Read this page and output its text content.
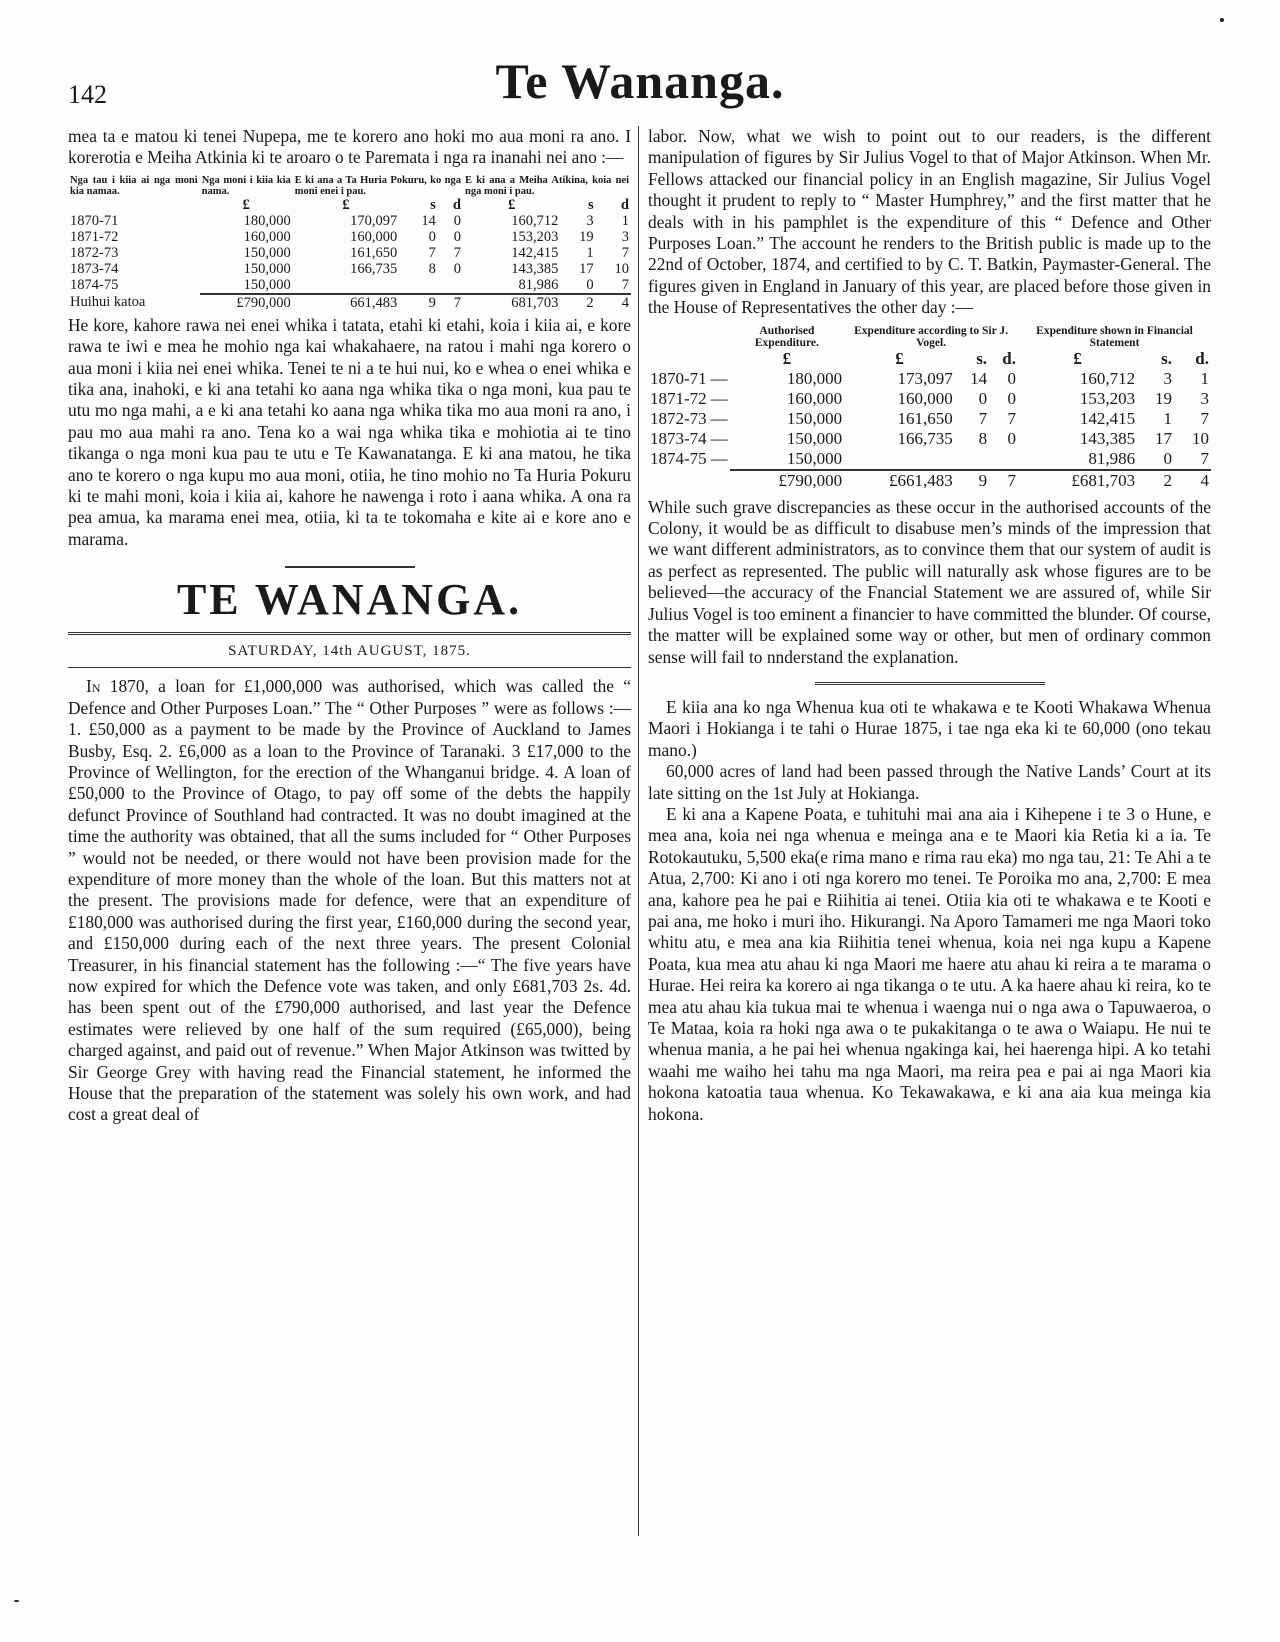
142	Te Wananga.

mea ta e matou ki tenei Nupepa, me te korero ano hoki mo aua moni ra ano. I korerotia e Meiha Atkinia ki te aroaro o te Paremata i nga ra inanahi nei ano :—

Nga tau i kiia ai nga moni kia namaa.	Nga moni i kiia kia nama.	E ki ana a Ta Huria Pokuru, ko nga moni enei i pau.			E ki ana a Meiha Atikina, koia nei nga moni i pau.		
	£	£	s	d	£	s	d
1870-71	180,000	170,097	14	0	160,712	3	1
1871-72	160,000	160,000	0	0	153,203	19	3
1872-73	150,000	161,650	7	7	142,415	1	7
1873-74	150,000	166,735	8	0	143,385	17	10
1874-75	150,000				81,986	0	7
Huihui katoa	£790,000	661,483	9	7	681,703	2	4

He kore, kahore rawa nei enei whika i tatata, etahi ki etahi, koia i kiia ai, e kore rawa te iwi e mea he mohio nga kai whakahaere, na ratou i mahi nga korero o aua moni i kiia nei enei whika. Tenei te ni a te hui nui, ko e whea o enei whika e tika ana, inahoki, e ki ana tetahi ko aana nga whika tika o nga moni, kua pau te utu mo nga mahi, a e ki ana tetahi ko aana nga whika tika mo aua moni ra ano, i pau mo aua mahi ra ano. Tena ko a wai nga whika tika e mohiotia ai te tino tikanga o nga moni kua pau te utu e Te Kawanatanga. E ki ana matou, he tika ano te korero o nga kupu mo aua moni, otiia, he tino mohio no Ta Huria Pokuru ki te mahi moni, koia i kiia ai, kahore he nawenga i roto i aana whika. A ona ra pea amua, ka marama enei mea, otiia, ki ta te tokomaha e kite ai e kore ano e marama.

TE WANANGA.
SATURDAY, 14th AUGUST, 1875.

In 1870, a loan for £1,000,000 was authorised, which was called the “ Defence and Other Purposes Loan.” The “ Other Purposes ” were as follows :—1. £50,000 as a payment to be made by the Province of Auckland to James Busby, Esq. 2. £6,000 as a loan to the Province of Taranaki. 3 £17,000 to the Province of Wellington, for the erection of the Whanganui bridge. 4. A loan of £50,000 to the Province of Otago, to pay off some of the debts the happily defunct Province of Southland had contracted. It was no doubt imagined at the time the authority was obtained, that all the sums included for “ Other Purposes ” would not be needed, or there would not have been provision made for the expenditure of more money than the whole of the loan. But this matters not at the present. The provisions made for defence, were that an expenditure of £180,000 was authorised during the first year, £160,000 during the second year, and £150,000 during each of the next three years. The present Colonial Treasurer, in his financial statement has the following :—“ The five years have now expired for which the Defence vote was taken, and only £681,703 2s. 4d. has been spent out of the £790,000 authorised, and last year the Defence estimates were relieved by one half of the sum required (£65,000), being charged against, and paid out of revenue.” When Major Atkinson was twitted by Sir George Grey with having read the Financial statement, he informed the House that the preparation of the statement was solely his own work, and had cost a great deal of

labor. Now, what we wish to point out to our readers, is the different manipulation of figures by Sir Julius Vogel to that of Major Atkinson. When Mr. Fellows attacked our financial policy in an English magazine, Sir Julius Vogel thought it prudent to reply to “ Master Humphrey,” and the first matter that he deals with in his pamphlet is the expenditure of this “ Defence and Other Purposes Loan.” The account he renders to the British public is made up to the 22nd of October, 1874, and certified to by C. T. Batkin, Paymaster-General. The figures given in England in January of this year, are placed before those given in the House of Representatives the other day :—

		Authorised Expenditure.	Expenditure according to Sir J. Vogel.			Expenditure shown in Financial Statement		
		£	£	s.	d.	£	s.	d.
1870-71	—	180,000	173,097	14	0	160,712	3	1
1871-72	—	160,000	160,000	0	0	153,203	19	3
1872-73	—	150,000	161,650	7	7	142,415	1	7
1873-74	—	150,000	166,735	8	0	143,385	17	10
1874-75	—	150,000				81,986	0	7
		£790,000	£661,483	9	7	£681,703	2	4

While such grave discrepancies as these occur in the authorised accounts of the Colony, it would be as difficult to disabuse men’s minds of the impression that we want different administrators, as to convince them that our system of audit is as perfect as represented. The public will naturally ask whose figures are to be believed—the accuracy of the Fnancial Statement we are assured of, while Sir Julius Vogel is too eminent a financier to have committed the blunder. Of course, the matter will be explained some way or other, but men of ordinary common sense will fail to nnderstand the explanation.

E kiia ana ko nga Whenua kua oti te whakawa e te Kooti Whakawa Whenua Maori i Hokianga i te tahi o Hurae 1875, i tae nga eka ki te 60,000 (ono tekau mano.)

60,000 acres of land had been passed through the Native Lands’ Court at its late sitting on the 1st July at Hokianga.

E ki ana a Kapene Poata, e tuhituhi mai ana aia i Kihepene i te 3 o Hune, e mea ana, koia nei nga whenua e meinga ana e te Maori kia Retia ki a ia. Te Rotokautuku, 5,500 eka(e rima mano e rima rau eka) mo nga tau, 21: Te Ahi a te Atua, 2,700: Ki ano i oti nga korero mo tenei. Te Poroika mo ana, 2,700: E mea ana, kahore pea he pai e Riihitia ai tenei. Otiia kia oti te whakawa e te Kooti e pai ana, me hoko i muri iho. Hikurangi. Na Aporo Tamameri me nga Maori toko whitu atu, e mea ana kia Riihitia tenei whenua, koia nei nga kupu a Kapene Poata, kua mea atu ahau ki nga Maori me haere atu ahau ki reira a te marama o Hurae. Hei reira ka korero ai nga tikanga o te utu. A ka haere ahau ki reira, ko te mea atu ahau kia tukua mai te whenua i waenga nui o nga awa o Tapuwaeroa, o Te Mataa, koia ra hoki nga awa o te pukakitanga o te awa o Waiapu. He nui te whenua mania, a he pai hei whenua ngakinga kai, hei haerenga hipi. A ko tetahi waahi me waiho hei tahu ma nga Maori, ma reira pea e pai ai nga Maori kia hokona katoatia taua whenua. Ko Tekawakawa, e ki ana aia kua meinga kia hokona.
